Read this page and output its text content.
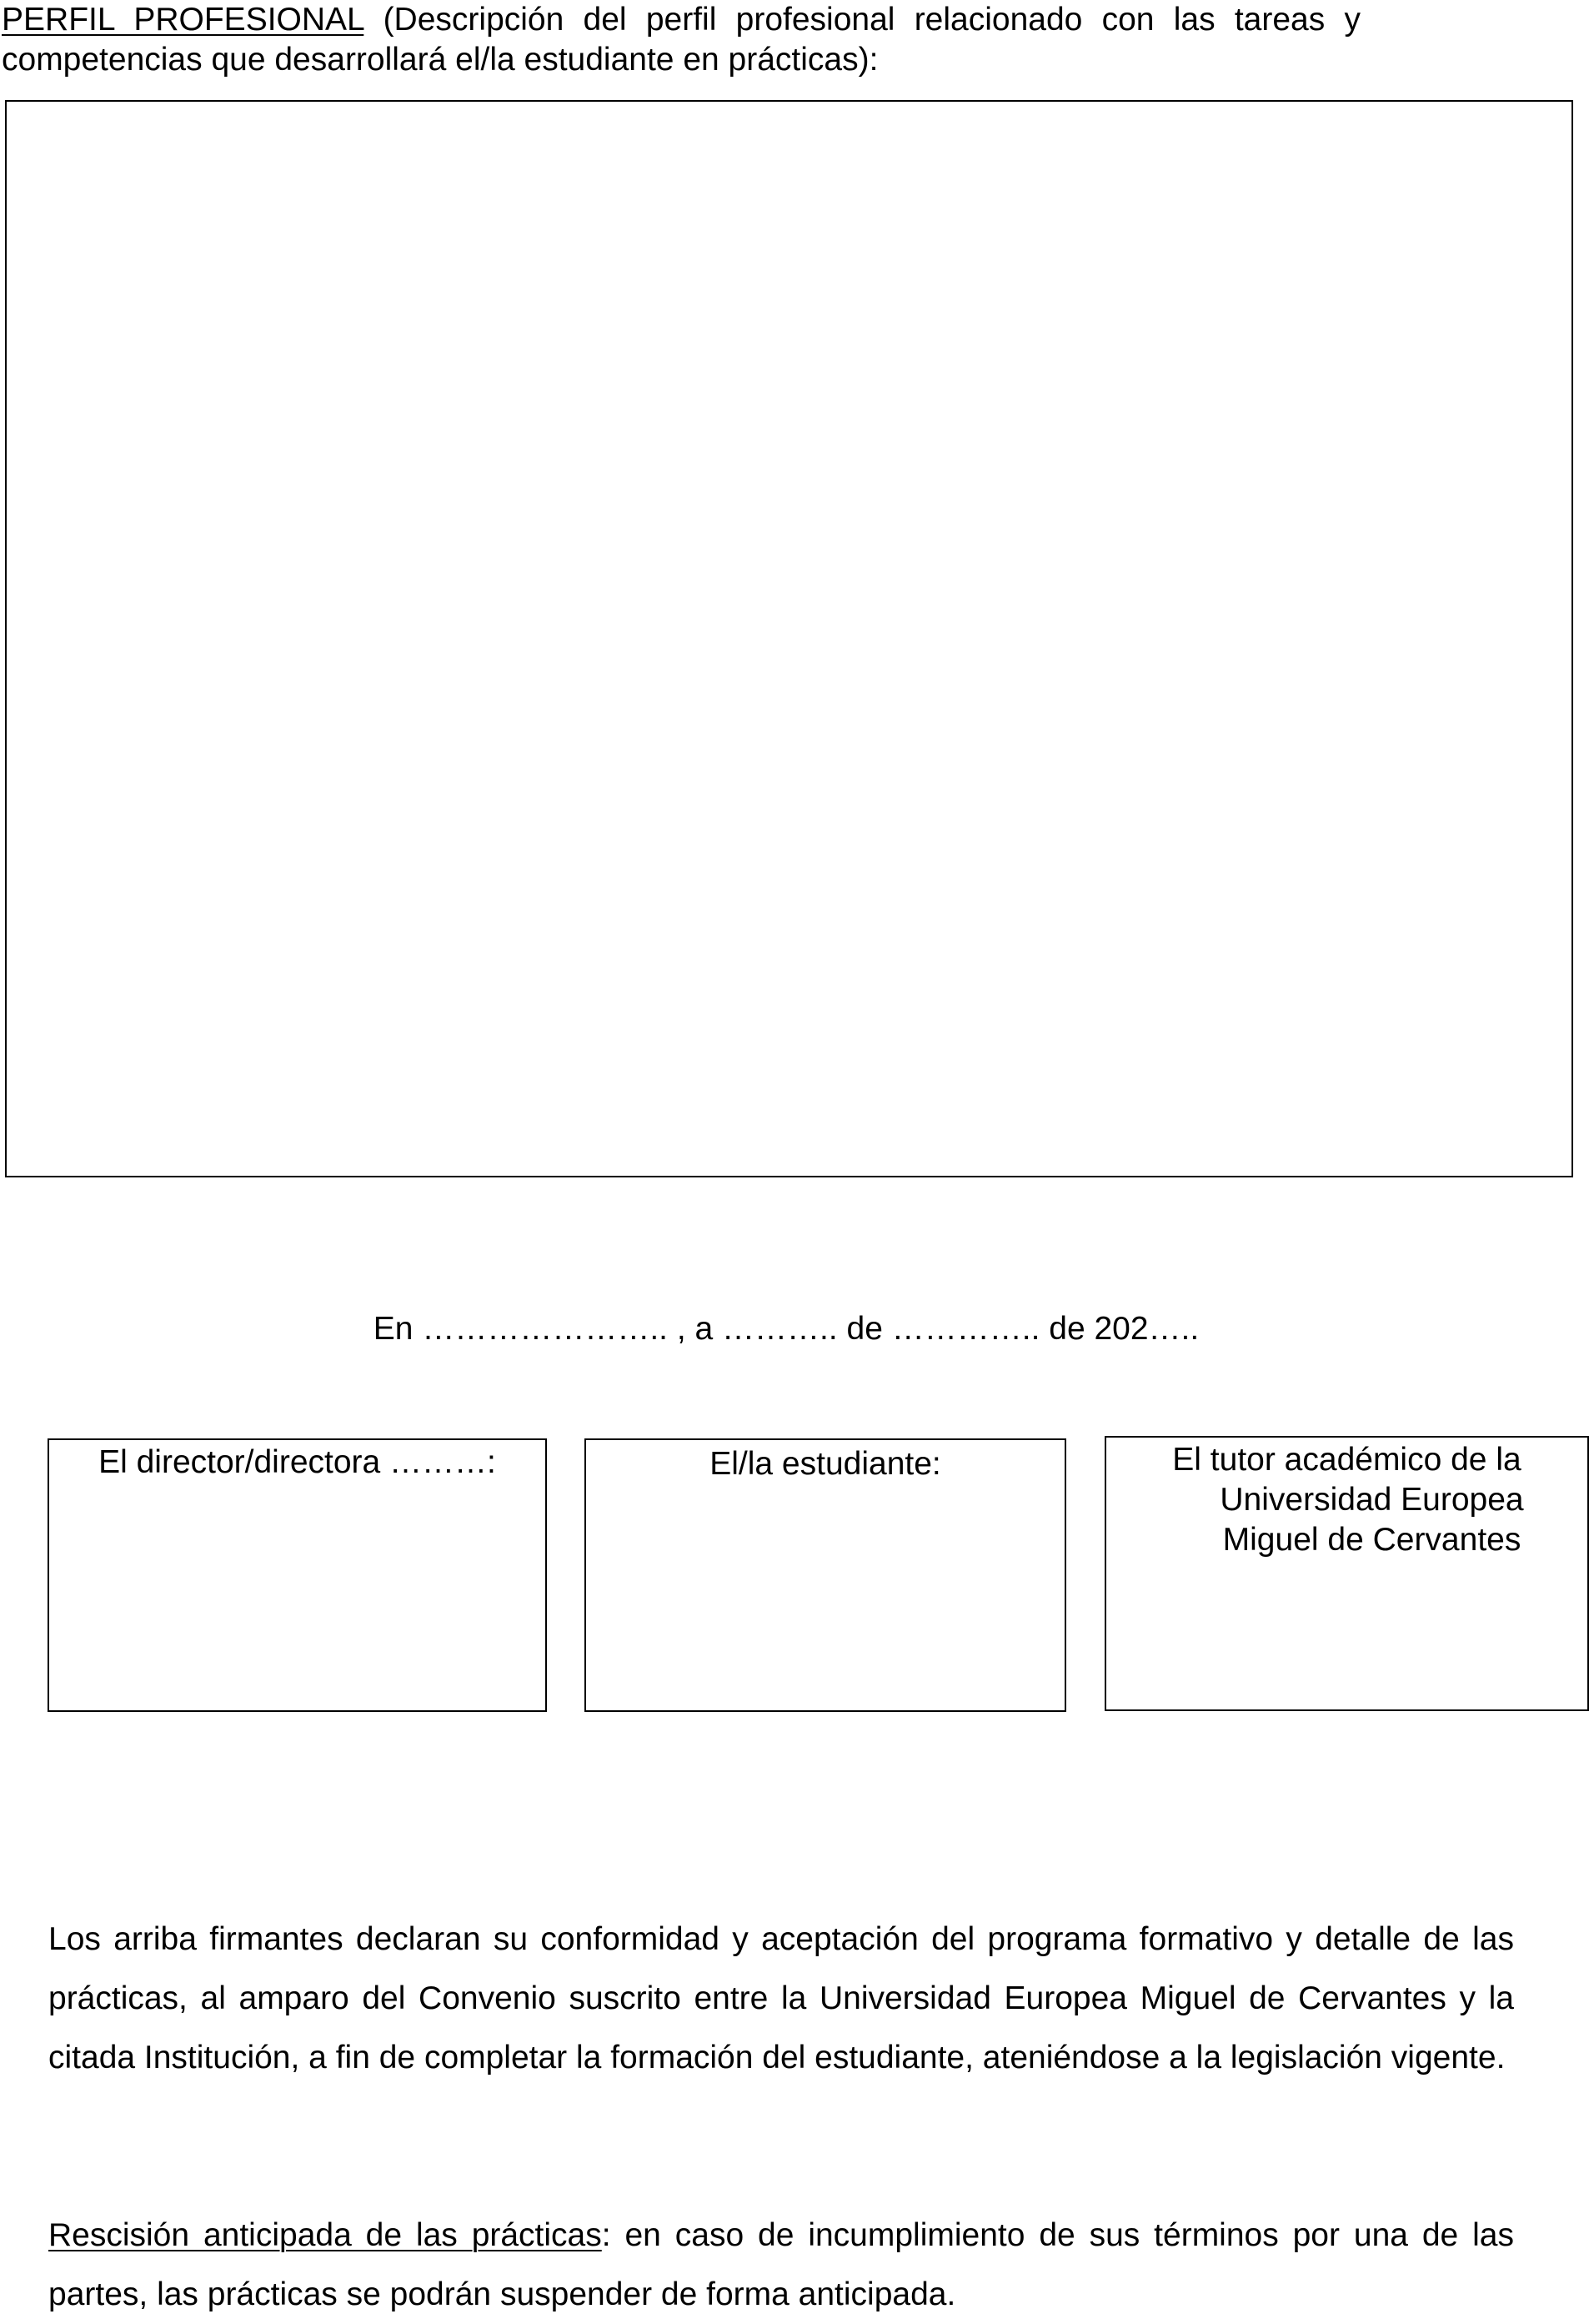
PERFIL PROFESIONAL (Descripción del perfil profesional relacionado con las tareas y competencias que desarrollará el/la estudiante en prácticas):
En ………………….. , a ……….. de ………….. de 202…..
El director/directora ………:	El/la estudiante:	El tutor académico de la
Universidad Europea
Miguel de Cervantes
Los arriba firmantes declaran su conformidad y aceptación del programa formativo y detalle de las prácticas, al amparo del Convenio suscrito entre la Universidad Europea Miguel de Cervantes y la citada Institución, a fin de completar la formación del estudiante, ateniéndose a la legislación vigente.
Rescisión anticipada de las prácticas: en caso de incumplimiento de sus términos por una de las partes, las prácticas se podrán suspender de forma anticipada.
